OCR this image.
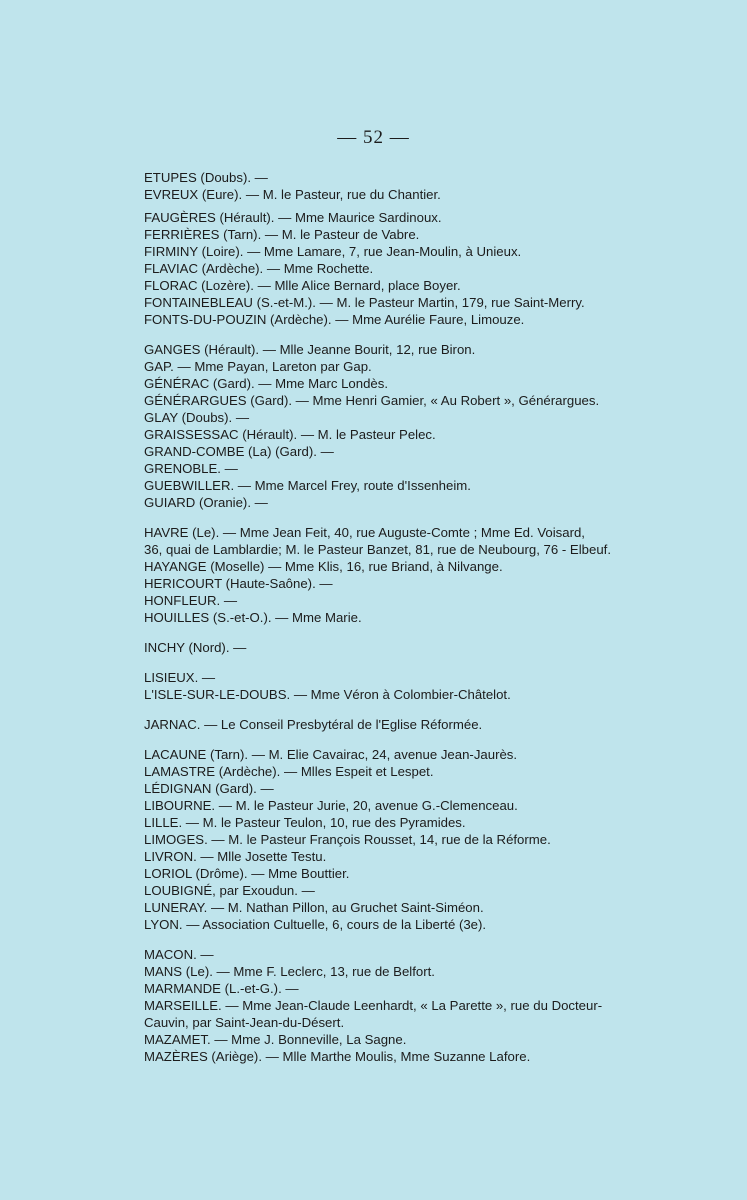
— 52 —
ETUPES (Doubs). —
EVREUX (Eure). — M. le Pasteur, rue du Chantier.
FAUGÈRES (Hérault). — Mme Maurice Sardinoux.
FERRIÈRES (Tarn). — M. le Pasteur de Vabre.
FIRMINY (Loire). — Mme Lamare, 7, rue Jean-Moulin, à Unieux.
FLAVIAC (Ardèche). — Mme Rochette.
FLORAC (Lozère). — Mlle Alice Bernard, place Boyer.
FONTAINEBLEAU (S.-et-M.). — M. le Pasteur Martin, 179, rue Saint-Merry.
FONTS-DU-POUZIN (Ardèche). — Mme Aurélie Faure, Limouze.
GANGES (Hérault). — Mlle Jeanne Bourit, 12, rue Biron.
GAP. — Mme Payan, Lareton par Gap.
GÉNÉRAC (Gard). — Mme Marc Londès.
GÉNÉRARGUES (Gard). — Mme Henri Gamier, « Au Robert », Générargues.
GLAY (Doubs). —
GRAISSESSAC (Hérault). — M. le Pasteur Pelec.
GRAND-COMBE (La) (Gard). —
GRENOBLE. —
GUEBWILLER. — Mme Marcel Frey, route d'Issenheim.
GUIARD (Oranie). —
HAVRE (Le). — Mme Jean Feit, 40, rue Auguste-Comte ; Mme Ed. Voisard,
36, quai de Lamblardie; M. le Pasteur Banzet, 81, rue de Neubourg, 76 - Elbeuf.
HAYANGE (Moselle) — Mme Klis, 16, rue Briand, à Nilvange.
HERICOURT (Haute-Saône). —
HONFLEUR. —
HOUILLES (S.-et-O.). — Mme Marie.
INCHY (Nord). —
LISIEUX. —
L'ISLE-SUR-LE-DOUBS. — Mme Véron à Colombier-Châtelot.
JARNAC. — Le Conseil Presbytéral de l'Eglise Réformée.
LACAUNE (Tarn). — M. Elie Cavairac, 24, avenue Jean-Jaurès.
LAMASTRE (Ardèche). — Mlles Espeit et Lespet.
LÉDIGNAN (Gard). —
LIBOURNE. — M. le Pasteur Jurie, 20, avenue G.-Clemenceau.
LILLE. — M. le Pasteur Teulon, 10, rue des Pyramides.
LIMOGES. — M. le Pasteur François Rousset, 14, rue de la Réforme.
LIVRON. — Mlle Josette Testu.
LORIOL (Drôme). — Mme Bouttier.
LOUBIGNÉ, par Exoudun. —
LUNERAY. — M. Nathan Pillon, au Gruchet Saint-Siméon.
LYON. — Association Cultuelle, 6, cours de la Liberté (3e).
MACON. —
MANS (Le). — Mme F. Leclerc, 13, rue de Belfort.
MARMANDE (L.-et-G.). —
MARSEILLE. — Mme Jean-Claude Leenhardt, « La Parette », rue du Docteur-
Cauvin, par Saint-Jean-du-Désert.
MAZAMET. — Mme J. Bonneville, La Sagne.
MAZÈRES (Ariège). — Mlle Marthe Moulis, Mme Suzanne Lafore.
